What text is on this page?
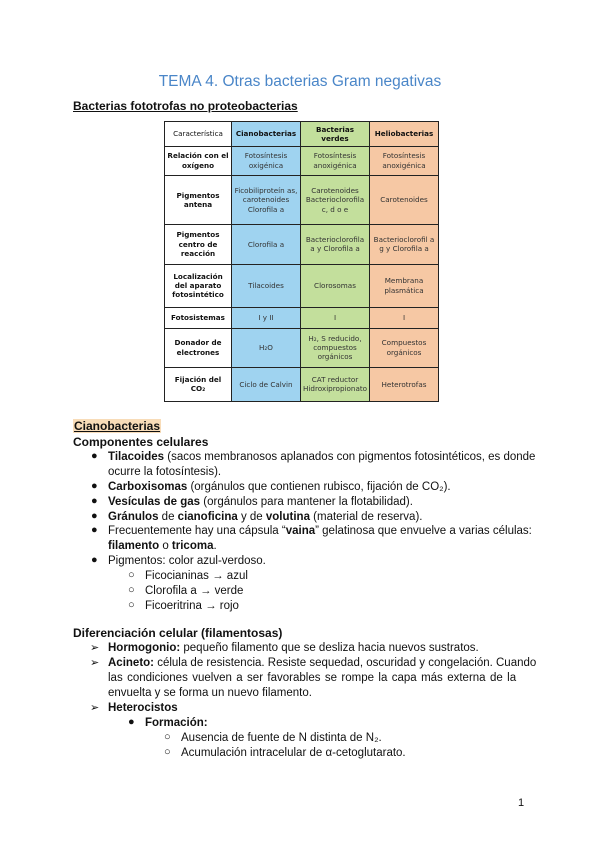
TEMA 4. Otras bacterias Gram negativas
Bacterias fototrofas no proteobacterias
Característica	Cianobacterias	Bacterias verdes	Heliobacterias
Relación con el oxígeno	Fotosíntesis oxigénica	Fotosíntesis anoxigénica	Fotosíntesis anoxigénica
Pigmentos antena	Ficobiliproteín as, carotenoides Clorofila a	Carotenoides Bacterioclorofila c, d o e	Carotenoides
Pigmentos centro de reacción	Clorofila a	Bacterioclorofila a y Clorofila a	Bacterioclorofil a g y Clorofila a
Localización del aparato fotosintético	Tilacoides	Clorosomas	Membrana plasmática
Fotosistemas	I y II	I	I
Donador de electrones	H₂O	H₂, S reducido, compuestos orgánicos	Compuestos orgánicos
Fijación del CO₂	Ciclo de Calvin	CAT reductor Hidroxipropionato	Heterotrofas
Cianobacterias
Componentes celulares
● Tilacoides (sacos membranosos aplanados con pigmentos fotosintéticos, es donde
ocurre la fotosíntesis).
● Carboxisomas (orgánulos que contienen rubisco, fijación de CO₂).
● Vesículas de gas (orgánulos para mantener la flotabilidad).
● Gránulos de cianoficina y de volutina (material de reserva).
● Frecuentemente hay una cápsula “vaina” gelatinosa que envuelve a varias células:
filamento o tricoma.
● Pigmentos: color azul-verdoso.
○ Ficocianinas → azul
○ Clorofila a → verde
○ Ficoeritrina → rojo
Diferenciación celular (filamentosas)
➢ Hormogonio: pequeño filamento que se desliza hacia nuevos sustratos.
➢ Acineto: célula de resistencia. Resiste sequedad, oscuridad y congelación. Cuando
las condiciones vuelven a ser favorables se rompe la capa más externa de la
envuelta y se forma un nuevo filamento.
➢ Heterocistos
● Formación:
○ Ausencia de fuente de N distinta de N₂.
○ Acumulación intracelular de α-cetoglutarato.
1
